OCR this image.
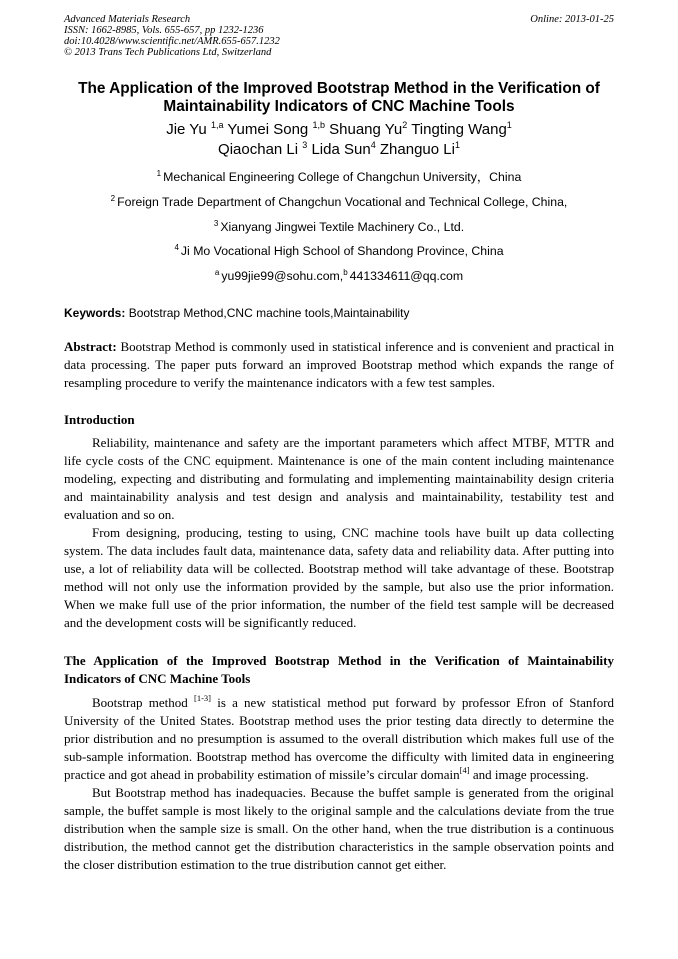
Advanced Materials Research
ISSN: 1662-8985, Vols. 655-657, pp 1232-1236
doi:10.4028/www.scientific.net/AMR.655-657.1232
© 2013 Trans Tech Publications Ltd, Switzerland
Online: 2013-01-25
The Application of the Improved Bootstrap Method in the Verification of Maintainability Indicators of CNC Machine Tools
Jie Yu $^{1,a}$ Yumei Song $^{1,b}$ Shuang Yu$^2$ Tingting Wang$^1$
Qiaochan Li $^3$ Lida Sun$^4$ Zhanguo Li$^1$
$^1$ Mechanical Engineering College of Changchun University，China
$^2$ Foreign Trade Department of Changchun Vocational and Technical College, China,
$^3$ Xianyang Jingwei Textile Machinery Co., Ltd.
$^4$ Ji Mo Vocational High School of Shandong Province, China
$^a$ yu99jie99@sohu.com,$^b$ 441334611@qq.com
Keywords: Bootstrap Method,CNC machine tools,Maintainability

Abstract: Bootstrap Method is commonly used in statistical inference and is convenient and practical in data processing. The paper puts forward an improved Bootstrap method which expands the range of resampling procedure to verify the maintenance indicators with a few test samples.

Introduction

Reliability, maintenance and safety are the important parameters which affect MTBF, MTTR and life cycle costs of the CNC equipment. Maintenance is one of the main content including maintenance modeling, expecting and distributing and formulating and implementing maintainability design criteria and maintainability analysis and test design and analysis and maintainability, testability test and evaluation and so on.

From designing, producing, testing to using, CNC machine tools have built up data collecting system. The data includes fault data, maintenance data, safety data and reliability data. After putting into use, a lot of reliability data will be collected. Bootstrap method will take advantage of these. Bootstrap method will not only use the information provided by the sample, but also use the prior information. When we make full use of the prior information, the number of the field test sample will be decreased and the development costs will be significantly reduced.

The Application of the Improved Bootstrap Method in the Verification of Maintainability Indicators of CNC Machine Tools

Bootstrap method [1-3] is a new statistical method put forward by professor Efron of Stanford University of the United States. Bootstrap method uses the prior testing data directly to determine the prior distribution and no presumption is assumed to the overall distribution which makes full use of the sub-sample information. Bootstrap method has overcome the difficulty with limited data in engineering practice and got ahead in probability estimation of missile’s circular domain[4] and image processing.

But Bootstrap method has inadequacies. Because the buffet sample is generated from the original sample, the buffet sample is most likely to the original sample and the calculations deviate from the true distribution when the sample size is small. On the other hand, when the true distribution is a continuous distribution, the method cannot get the distribution characteristics in the sample observation points and the closer distribution estimation to the true distribution cannot get either.
